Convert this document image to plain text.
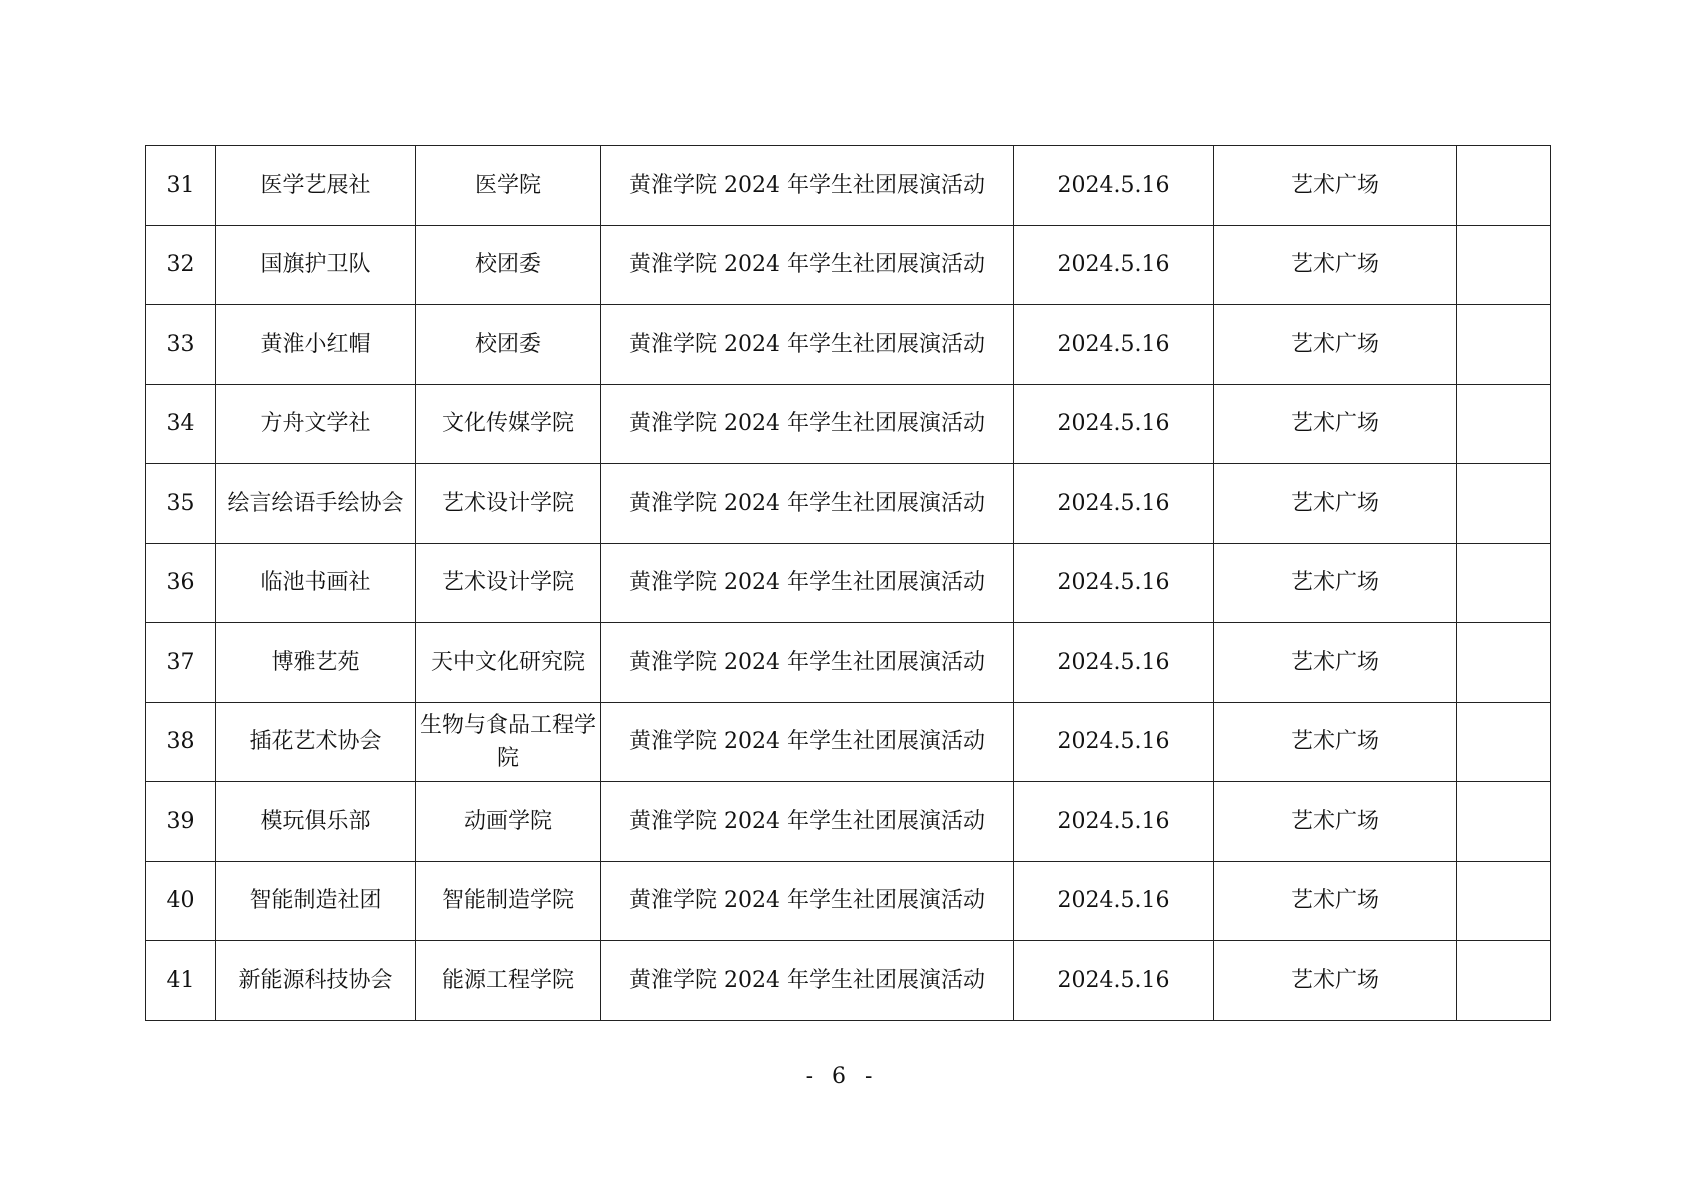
31	医学艺展社	医学院	黄淮学院 2024 年学生社团展演活动	2024.5.16	艺术广场	
32	国旗护卫队	校团委	黄淮学院 2024 年学生社团展演活动	2024.5.16	艺术广场	
33	黄淮小红帽	校团委	黄淮学院 2024 年学生社团展演活动	2024.5.16	艺术广场	
34	方舟文学社	文化传媒学院	黄淮学院 2024 年学生社团展演活动	2024.5.16	艺术广场	
35	绘言绘语手绘协会	艺术设计学院	黄淮学院 2024 年学生社团展演活动	2024.5.16	艺术广场	
36	临池书画社	艺术设计学院	黄淮学院 2024 年学生社团展演活动	2024.5.16	艺术广场	
37	博雅艺苑	天中文化研究院	黄淮学院 2024 年学生社团展演活动	2024.5.16	艺术广场	
38	插花艺术协会	生物与食品工程学院	黄淮学院 2024 年学生社团展演活动	2024.5.16	艺术广场	
39	模玩俱乐部	动画学院	黄淮学院 2024 年学生社团展演活动	2024.5.16	艺术广场	
40	智能制造社团	智能制造学院	黄淮学院 2024 年学生社团展演活动	2024.5.16	艺术广场	
41	新能源科技协会	能源工程学院	黄淮学院 2024 年学生社团展演活动	2024.5.16	艺术广场	
- 6 -
